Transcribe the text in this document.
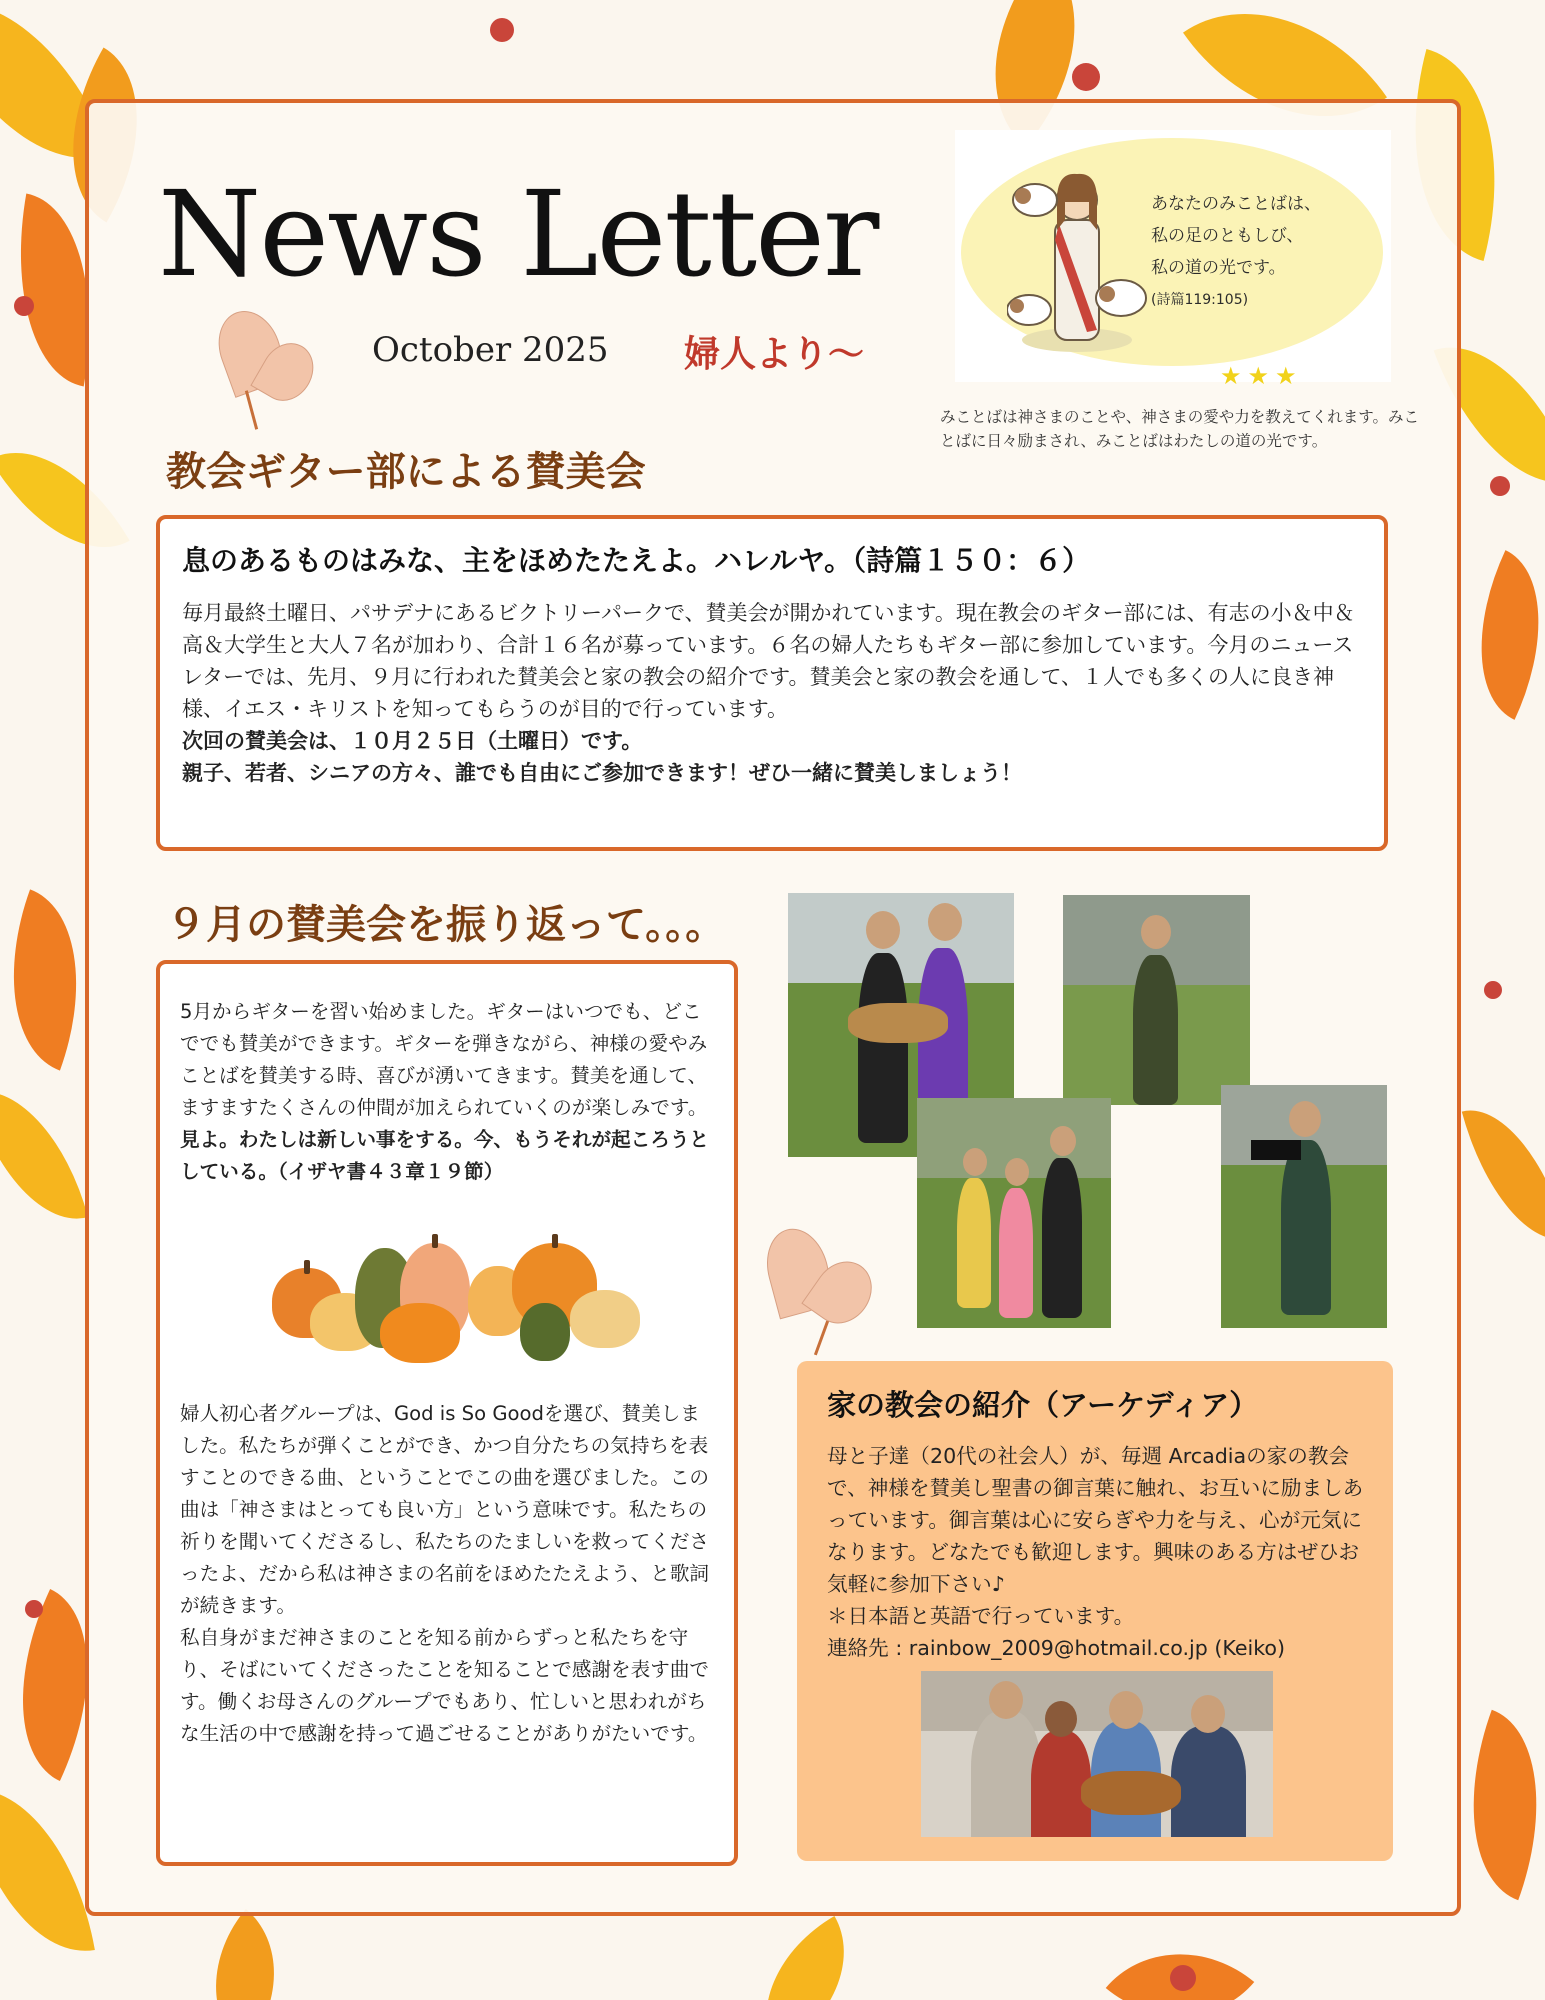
News Letter
October 2025 婦人より〜
あなたのみことばは、
私の足のともしび、
私の道の光です。
(詩篇119:105)
★★★
みことばは神さまのことや、神さまの愛や力を教えてくれます。みことばに日々励まされ、みことばはわたしの道の光です。
教会ギター部による賛美会
息のあるものはみな、主をほめたたえよ。ハレルヤ。（詩篇１５０：６）

毎月最終土曜日、パサデナにあるビクトリーパークで、賛美会が開かれています。現在教会のギター部には、有志の小＆中＆高＆大学生と大人７名が加わり、合計１６名が募っています。６名の婦人たちもギター部に参加しています。今月のニュースレターでは、先月、９月に行われた賛美会と家の教会の紹介です。賛美会と家の教会を通して、１人でも多くの人に良き神様、イエス・キリストを知ってもらうのが目的で行っています。

次回の賛美会は、１０月２５日（土曜日）です。

親子、若者、シニアの方々、誰でも自由にご参加できます！ぜひ一緒に賛美しましょう！

９月の賛美会を振り返って。。。

5月からギターを習い始めました。ギターはいつでも、どこででも賛美ができます。ギターを弾きながら、神様の愛やみことばを賛美する時、喜びが湧いてきます。賛美を通して、ますますたくさんの仲間が加えられていくのが楽しみです。

見よ。わたしは新しい事をする。今、もうそれが起ころうとしている。（イザヤ書４３章１９節）

婦人初心者グループは、God is So Goodを選び、賛美しました。私たちが弾くことができ、かつ自分たちの気持ちを表すことのできる曲、ということでこの曲を選びました。この曲は「神さまはとっても良い方」という意味です。私たちの祈りを聞いてくださるし、私たちのたましいを救ってくださったよ、だから私は神さまの名前をほめたたえよう、と歌詞が続きます。

私自身がまだ神さまのことを知る前からずっと私たちを守り、そばにいてくださったことを知ることで感謝を表す曲です。働くお母さんのグループでもあり、忙しいと思われがちな生活の中で感謝を持って過ごせることがありがたいです。

家の教会の紹介（アーケディア）

母と子達（20代の社会人）が、毎週 Arcadiaの家の教会で、神様を賛美し聖書の御言葉に触れ、お互いに励ましあっています。御言葉は心に安らぎや力を与え、心が元気になります。どなたでも歓迎します。興味のある方はぜひお気軽に参加下さい♪

＊日本語と英語で行っています。

連絡先 : rainbow_2009@hotmail.co.jp (Keiko)
